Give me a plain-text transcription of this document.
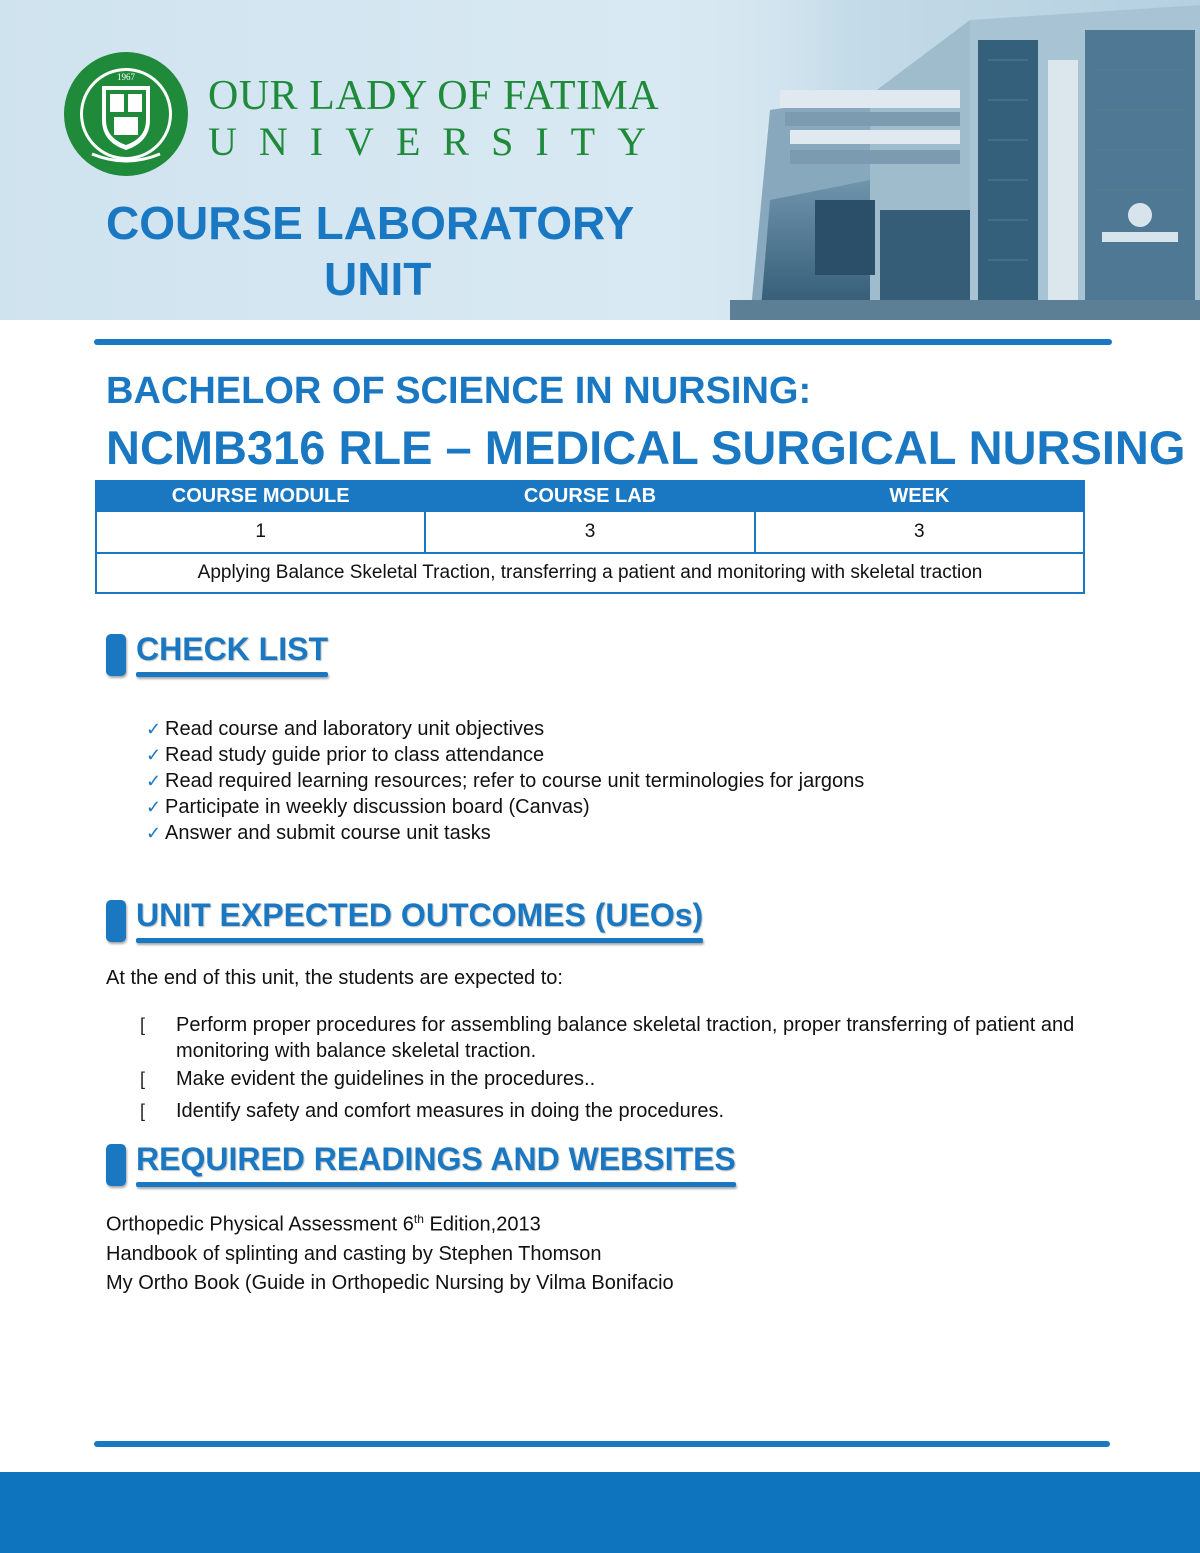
1967 OUR LADY OF FATIMA
UNIVERSITY
COURSE LABORATORY
UNIT
BACHELOR OF SCIENCE IN NURSING:
NCMB316 RLE – MEDICAL SURGICAL NURSING
COURSE MODULE	COURSE LAB	WEEK
1	3	3
Applying Balance Skeletal Traction, transferring a patient and monitoring with skeletal traction		
CHECK LIST
✓ Read course and laboratory unit objectives
✓ Read study guide prior to class attendance
✓ Read required learning resources; refer to course unit terminologies for jargons
✓ Participate in weekly discussion board (Canvas)
✓ Answer and submit course unit tasks
UNIT EXPECTED OUTCOMES (UEOs)
At the end of this unit, the students are expected to:
[	Perform proper procedures for assembling balance skeletal traction, proper transferring of patient and monitoring with balance skeletal traction.
[	Make evident the guidelines in the procedures..
[	Identify safety and comfort measures in doing the procedures.
REQUIRED READINGS AND WEBSITES
Orthopedic Physical Assessment 6th Edition,2013
Handbook of splinting and casting by Stephen Thomson
My Ortho Book (Guide in Orthopedic Nursing by Vilma Bonifacio
